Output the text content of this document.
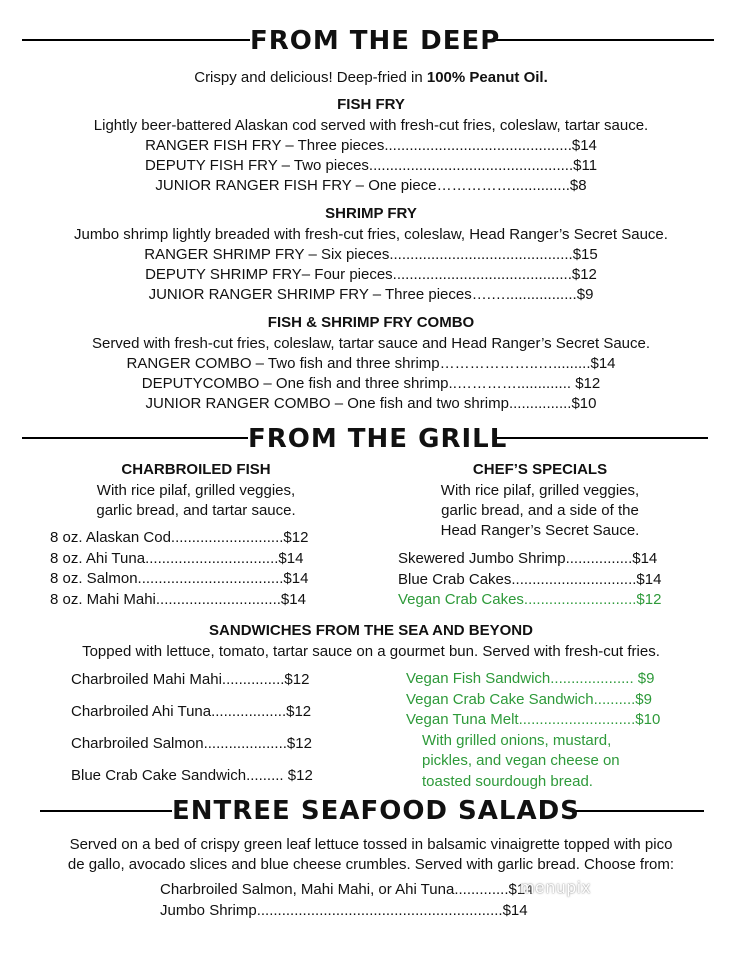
FROM THE DEEP
Crispy and delicious! Deep-fried in 100% Peanut Oil.
FISH FRY
Lightly beer-battered Alaskan cod served with fresh-cut fries, coleslaw, tartar sauce.
RANGER FISH FRY – Three pieces.............................................$14
DEPUTY FISH FRY – Two pieces.................................................$11
JUNIOR RANGER FISH FRY – One piece……………..............$8
SHRIMP FRY
Jumbo shrimp lightly breaded with fresh-cut fries, coleslaw, Head Ranger’s Secret Sauce.
RANGER SHRIMP FRY – Six pieces............................................$15
DEPUTY SHRIMP FRY– Four pieces...........................................$12
JUNIOR RANGER SHRIMP FRY – Three pieces….….................$9
FISH & SHRIMP FRY COMBO
Served with fresh-cut fries, coleslaw, tartar sauce and Head Ranger’s Secret Sauce.
RANGER COMBO – Two fish and three shrimp………………..….........$14
DEPUTYCOMBO – One fish and three shrimp..…………............. $12
JUNIOR RANGER COMBO – One fish and two shrimp...............$10
FROM THE GRILL
CHARBROILED FISH
With rice pilaf, grilled veggies,
garlic bread, and tartar sauce.
8 oz. Alaskan Cod...........................$12
8 oz. Ahi Tuna................................$14
8 oz. Salmon...................................$14
8 oz. Mahi Mahi..............................$14
CHEF’S SPECIALS
With rice pilaf, grilled veggies,
garlic bread, and a side of the
Head Ranger’s Secret Sauce.
Skewered Jumbo Shrimp................$14
Blue Crab Cakes..............................$14
Vegan Crab Cakes...........................$12
SANDWICHES FROM THE SEA AND BEYOND
Topped with lettuce, tomato, tartar sauce on a gourmet bun. Served with fresh-cut fries.
Charbroiled Mahi Mahi...............$12
Charbroiled Ahi Tuna..................$12
Charbroiled Salmon....................$12
Blue Crab Cake Sandwich......... $12
Vegan Fish Sandwich.................... $9
Vegan Crab Cake Sandwich..........$9
Vegan Tuna Melt............................$10
With grilled onions, mustard,
pickles, and vegan cheese on
toasted sourdough bread.
ENTREE SEAFOOD SALADS
Served on a bed of crispy green leaf lettuce tossed in balsamic vinaigrette topped with pico
de gallo, avocado slices and blue cheese crumbles. Served with garlic bread. Choose from:
Charbroiled Salmon, Mahi Mahi, or Ahi Tuna.............$14
Jumbo Shrimp...........................................................$14
menupix
